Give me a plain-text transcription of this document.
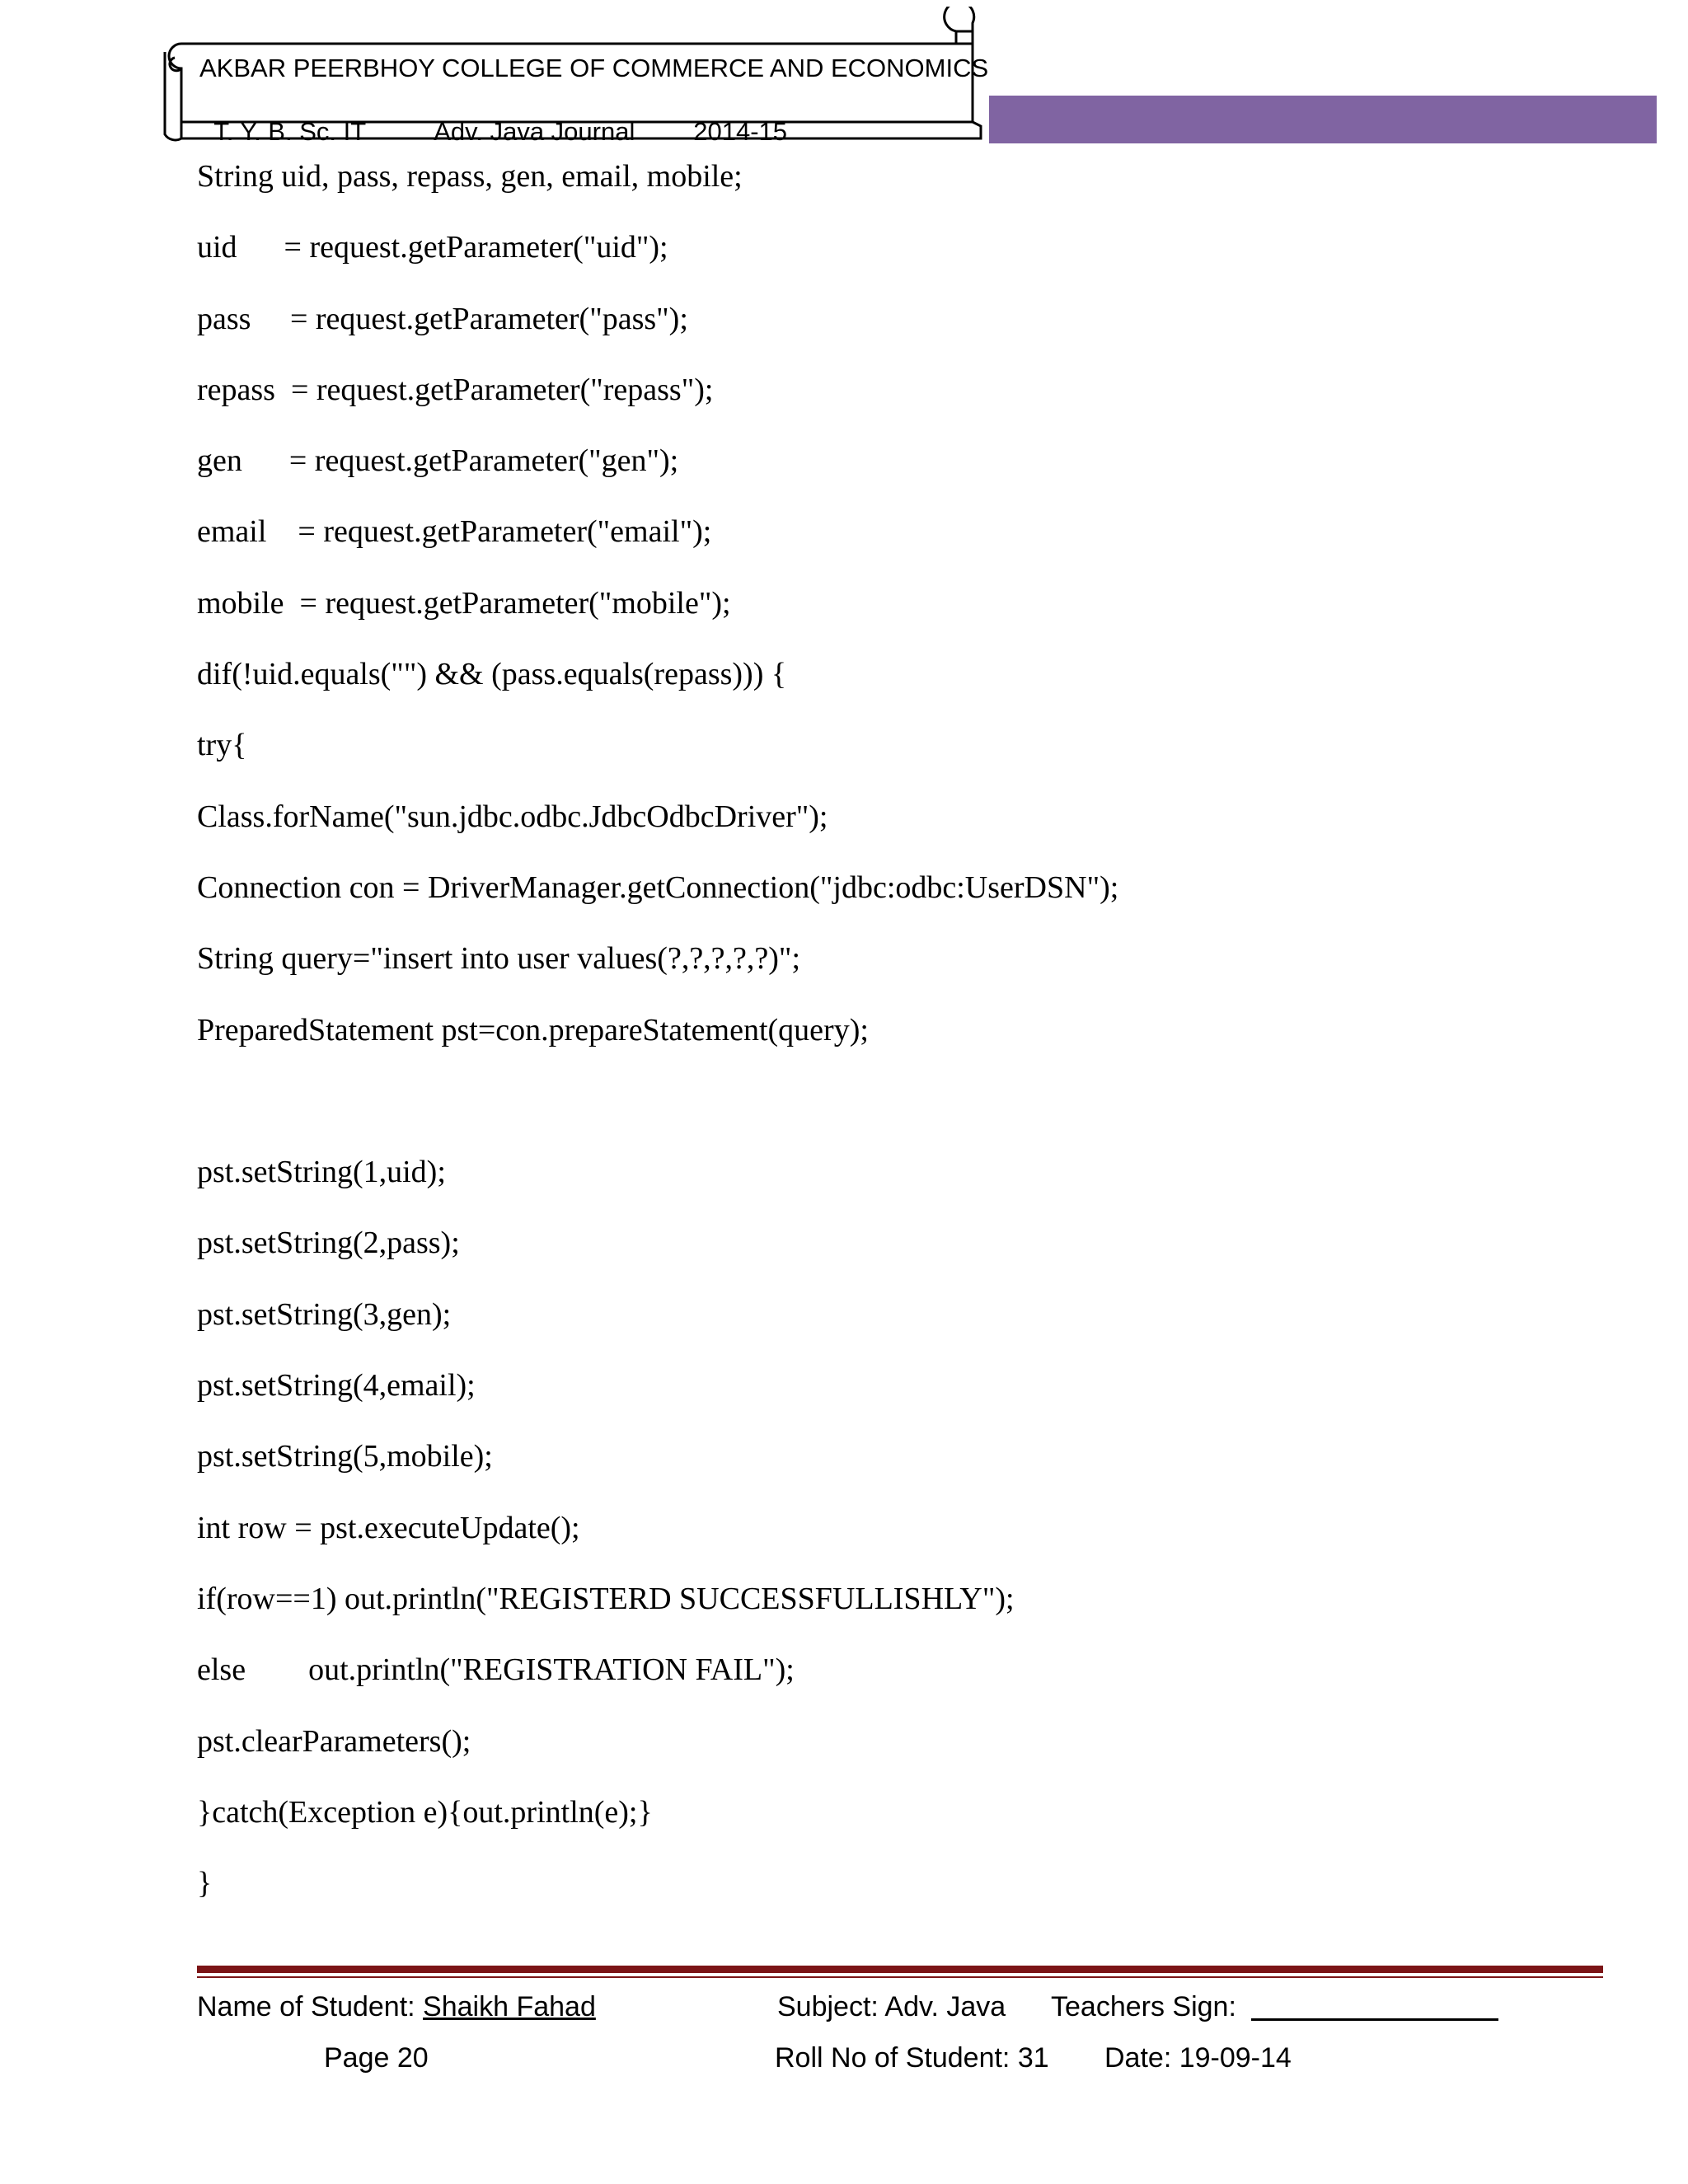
AKBAR PEERBHOY COLLEGE OF COMMERCE AND ECONOMICS

T. Y. B. Sc. IT	Adv. Java Journal 2014-15

String uid, pass, repass, gen, email, mobile;
uid      = request.getParameter("uid");
pass     = request.getParameter("pass");
repass  = request.getParameter("repass");
gen      = request.getParameter("gen");
email    = request.getParameter("email");
mobile  = request.getParameter("mobile");
dif(!uid.equals("") && (pass.equals(repass))) {
try{
Class.forName("sun.jdbc.odbc.JdbcOdbcDriver");
Connection con = DriverManager.getConnection("jdbc:odbc:UserDSN");
String query="insert into user values(?,?,?,?,?)";
PreparedStatement pst=con.prepareStatement(query);
pst.setString(1,uid);
pst.setString(2,pass);
pst.setString(3,gen);
pst.setString(4,email);
pst.setString(5,mobile);
int row = pst.executeUpdate();
if(row==1) out.println("REGISTERD SUCCESSFULLISHLY");
else        out.println("REGISTRATION FAIL");
pst.clearParameters();
}catch(Exception e){out.println(e);}
}
Name of Student: Shaikh Fahad	Subject: Adv. Java Teachers Sign:
Page 20	Roll No of Student: 31 Date: 19-09-14
